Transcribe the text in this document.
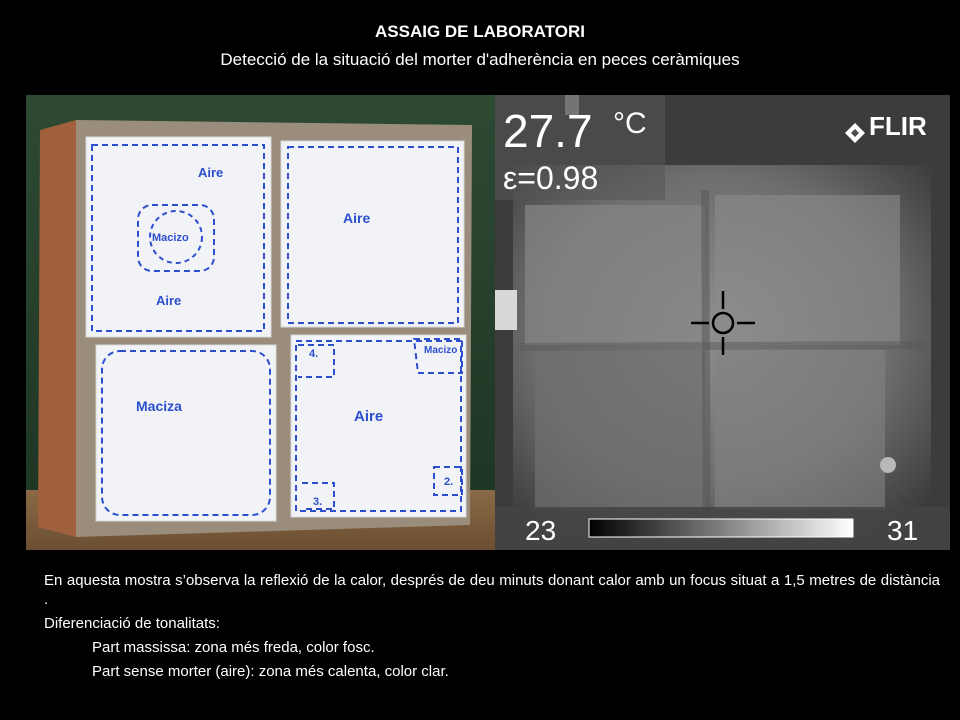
ASSAIG DE LABORATORI
Detecció de la situació del morter d'adherència en peces ceràmiques
Aire
Macizo
Aire
Aire
Maciza
Aire
Macizo
4.
3.
2.
27.7 °C
ε=0.98
FLIR
23	31

En aquesta mostra s’observa la reflexió de la calor, després de deu minuts donant calor amb un focus situat a 1,5 metres de distància .

Diferenciació de tonalitats:

Part massissa: zona més freda, color fosc.

Part sense morter (aire): zona més calenta, color clar.
